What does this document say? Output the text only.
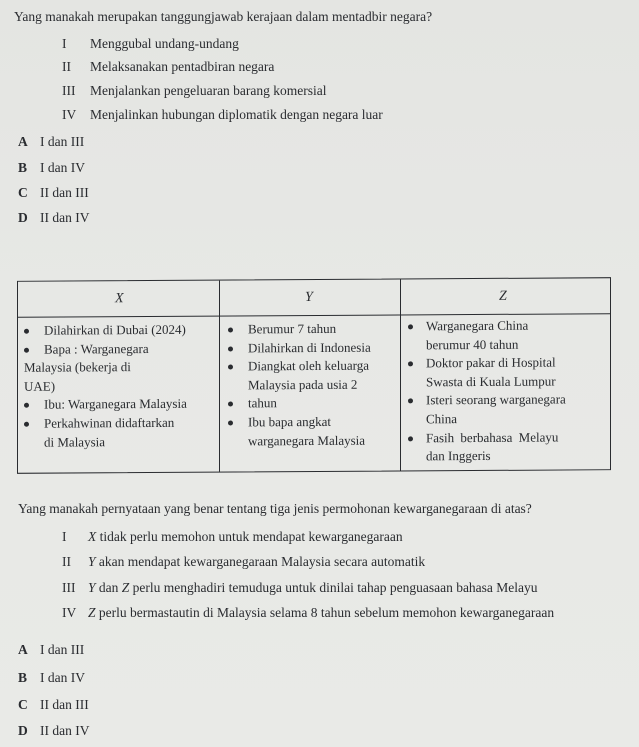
Yang manakah merupakan tanggungjawab kerajaan dalam mentadbir negara?
I Menggubal undang-undang
II Melaksanakan pentadbiran negara
III Menjalankan pengeluaran barang komersial
IV Menjalinkan hubungan diplomatik dengan negara luar
A I dan III
B I dan IV
C II dan III
D II dan IV
X	Y	Z
Dilahirkan di Dubai (2024)
Bapa : Warganegara
Malaysia (bekerja di
UAE)
Ibu: Warganegara Malaysia
Perkahwinan didaftarkan
di Malaysia
Berumur 7 tahun
Dilahirkan di Indonesia
Diangkat oleh keluarga
Malaysia pada usia 2
tahun
Ibu bapa angkat
warganegara Malaysia
Warganegara China
berumur 40 tahun
Doktor pakar di Hospital
Swasta di Kuala Lumpur
Isteri seorang warganegara
China
Fasih berbahasa Melayu
dan Inggeris
Yang manakah pernyataan yang benar tentang tiga jenis permohonan kewarganegaraan di atas?
I X tidak perlu memohon untuk mendapat kewarganegaraan
II Y akan mendapat kewarganegaraan Malaysia secara automatik
III Y dan Z perlu menghadiri temuduga untuk dinilai tahap penguasaan bahasa Melayu
IV Z perlu bermastautin di Malaysia selama 8 tahun sebelum memohon kewarganegaraan
A I dan III
B I dan IV
C II dan III
D II dan IV
